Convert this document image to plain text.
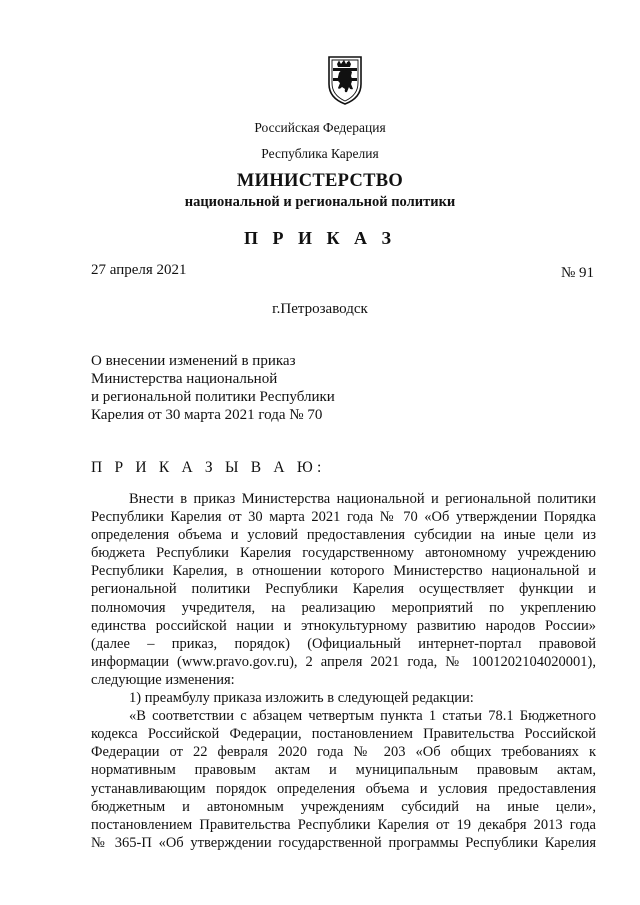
Российская Федерация
Республика Карелия
МИНИСТЕРСТВО
национальной и региональной политики
П Р И К А З
27 апреля 2021	№ 91
г.Петрозаводск
О внесении изменений в приказ
Министерства национальной
и региональной политики Республики
Карелия от 30 марта 2021 года № 70
П Р И К А З Ы В А Ю:
Внести в приказ Министерства национальной и региональной политики
Республики Карелия от 30 марта 2021 года № 70 «Об утверждении Порядка
определения объема и условий предоставления субсидии на иные цели из
бюджета Республики Карелия государственному автономному учреждению
Республики Карелия, в отношении которого Министерство национальной и
региональной политики Республики Карелия осуществляет функции и
полномочия учредителя, на реализацию мероприятий по укреплению
единства российской нации и этнокультурному развитию народов России»
(далее – приказ, порядок) (Официальный интернет-портал правовой
информации (www.pravo.gov.ru), 2 апреля 2021 года, № 1001202104020001),
следующие изменения:
1) преамбулу приказа изложить в следующей редакции:
«В соответствии с абзацем четвертым пункта 1 статьи 78.1 Бюджетного
кодекса Российской Федерации, постановлением Правительства Российской
Федерации от 22 февраля 2020 года № 203 «Об общих требованиях к
нормативным правовым актам и муниципальным правовым актам,
устанавливающим порядок определения объема и условия предоставления
бюджетным и автономным учреждениям субсидий на иные цели»,
постановлением Правительства Республики Карелия от 19 декабря 2013 года
№ 365-П «Об утверждении государственной программы Республики Карелия
